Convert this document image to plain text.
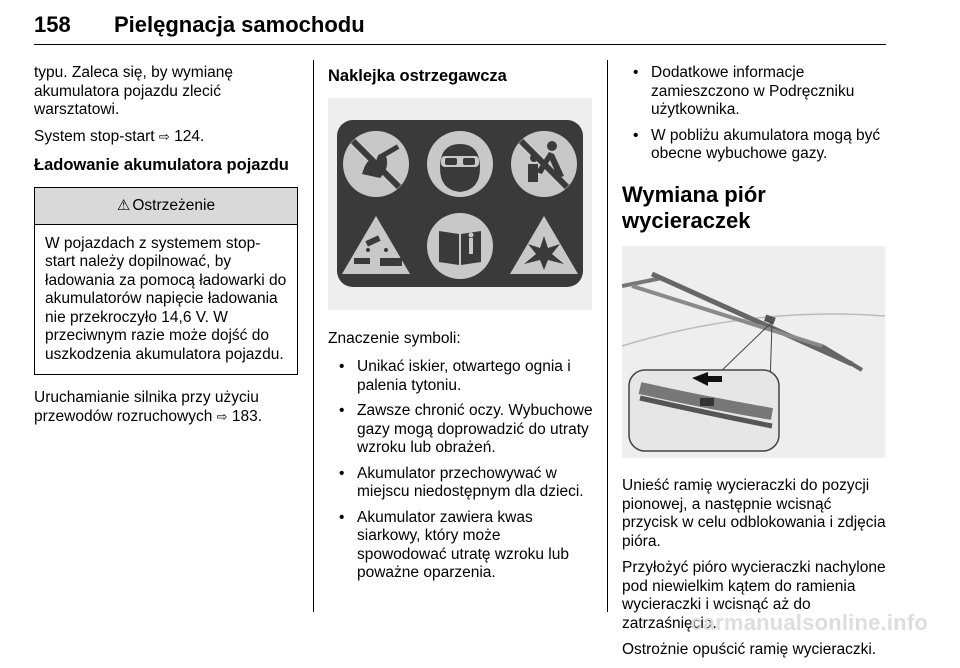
158 Pielęgnacja samochodu

typu. Zaleca się, by wymianę akumulatora pojazdu zlecić warsztatowi.

System stop-start ⇨ 124.

Ładowanie akumulatora pojazdu
⚠ Ostrzeżenie
W pojazdach z systemem stop-start należy dopilnować, by ładowania za pomocą ładowarki do akumulatorów napięcie ładowania nie przekroczyło 14,6 V. W przeciwnym razie może dojść do uszkodzenia akumulatora pojazdu.

Uruchamianie silnika przy użyciu przewodów rozruchowych ⇨ 183.

Naklejka ostrzegawcza

Znaczenie symboli:

• Unikać iskier, otwartego ognia i palenia tytoniu.
• Zawsze chronić oczy. Wybuchowe gazy mogą doprowadzić do utraty wzroku lub obrażeń.
• Akumulator przechowywać w miejscu niedostępnym dla dzieci.
• Akumulator zawiera kwas siarkowy, który może spowodować utratę wzroku lub poważne oparzenia.
• Dodatkowe informacje zamieszczono w Podręczniku użytkownika.
• W pobliżu akumulatora mogą być obecne wybuchowe gazy.
Wymiana piór wycieraczek

Unieść ramię wycieraczki do pozycji pionowej, a następnie wcisnąć przycisk w celu odblokowania i zdjęcia pióra.

Przyłożyć pióro wycieraczki nachylone pod niewielkim kątem do ramienia wycieraczki i wcisnąć aż do zatrzaśnięcia.

Ostrożnie opuścić ramię wycieraczki.

carmanualsonline.info
